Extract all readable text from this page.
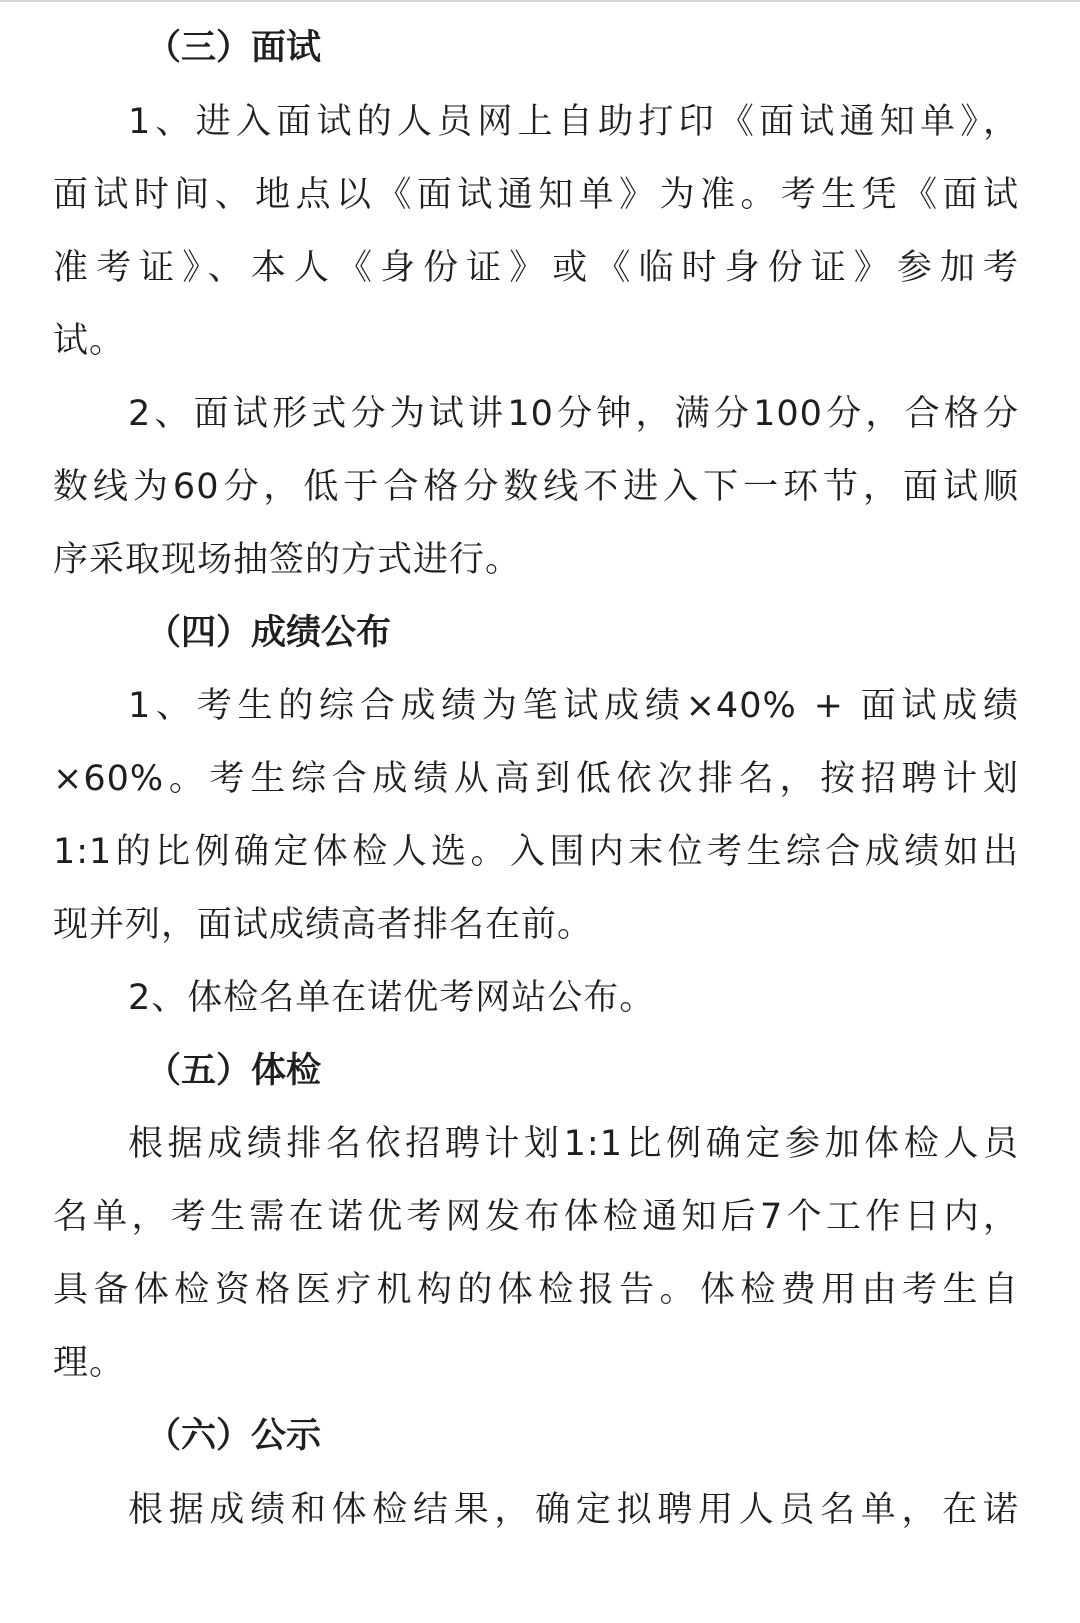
（三）面试
1、进入面试的人员网上自助打印《面试通知单》，
面试时间、地点以《面试通知单》为准。考生凭《面试
准考证》、本人《身份证》或《临时身份证》参加考
试。
2、面试形式分为试讲10分钟，满分100分，合格分
数线为60分，低于合格分数线不进入下一环节，面试顺
序采取现场抽签的方式进行。
（四）成绩公布
1、考生的综合成绩为笔试成绩×40% + 面试成绩
×60%。考生综合成绩从高到低依次排名，按招聘计划
1:1的比例确定体检人选。入围内末位考生综合成绩如出
现并列，面试成绩高者排名在前。
2、体检名单在诺优考网站公布。
（五）体检
根据成绩排名依招聘计划1:1比例确定参加体检人员
名单，考生需在诺优考网发布体检通知后7个工作日内，
具备体检资格医疗机构的体检报告。体检费用由考生自
理。
（六）公示
根据成绩和体检结果，确定拟聘用人员名单，在诺
